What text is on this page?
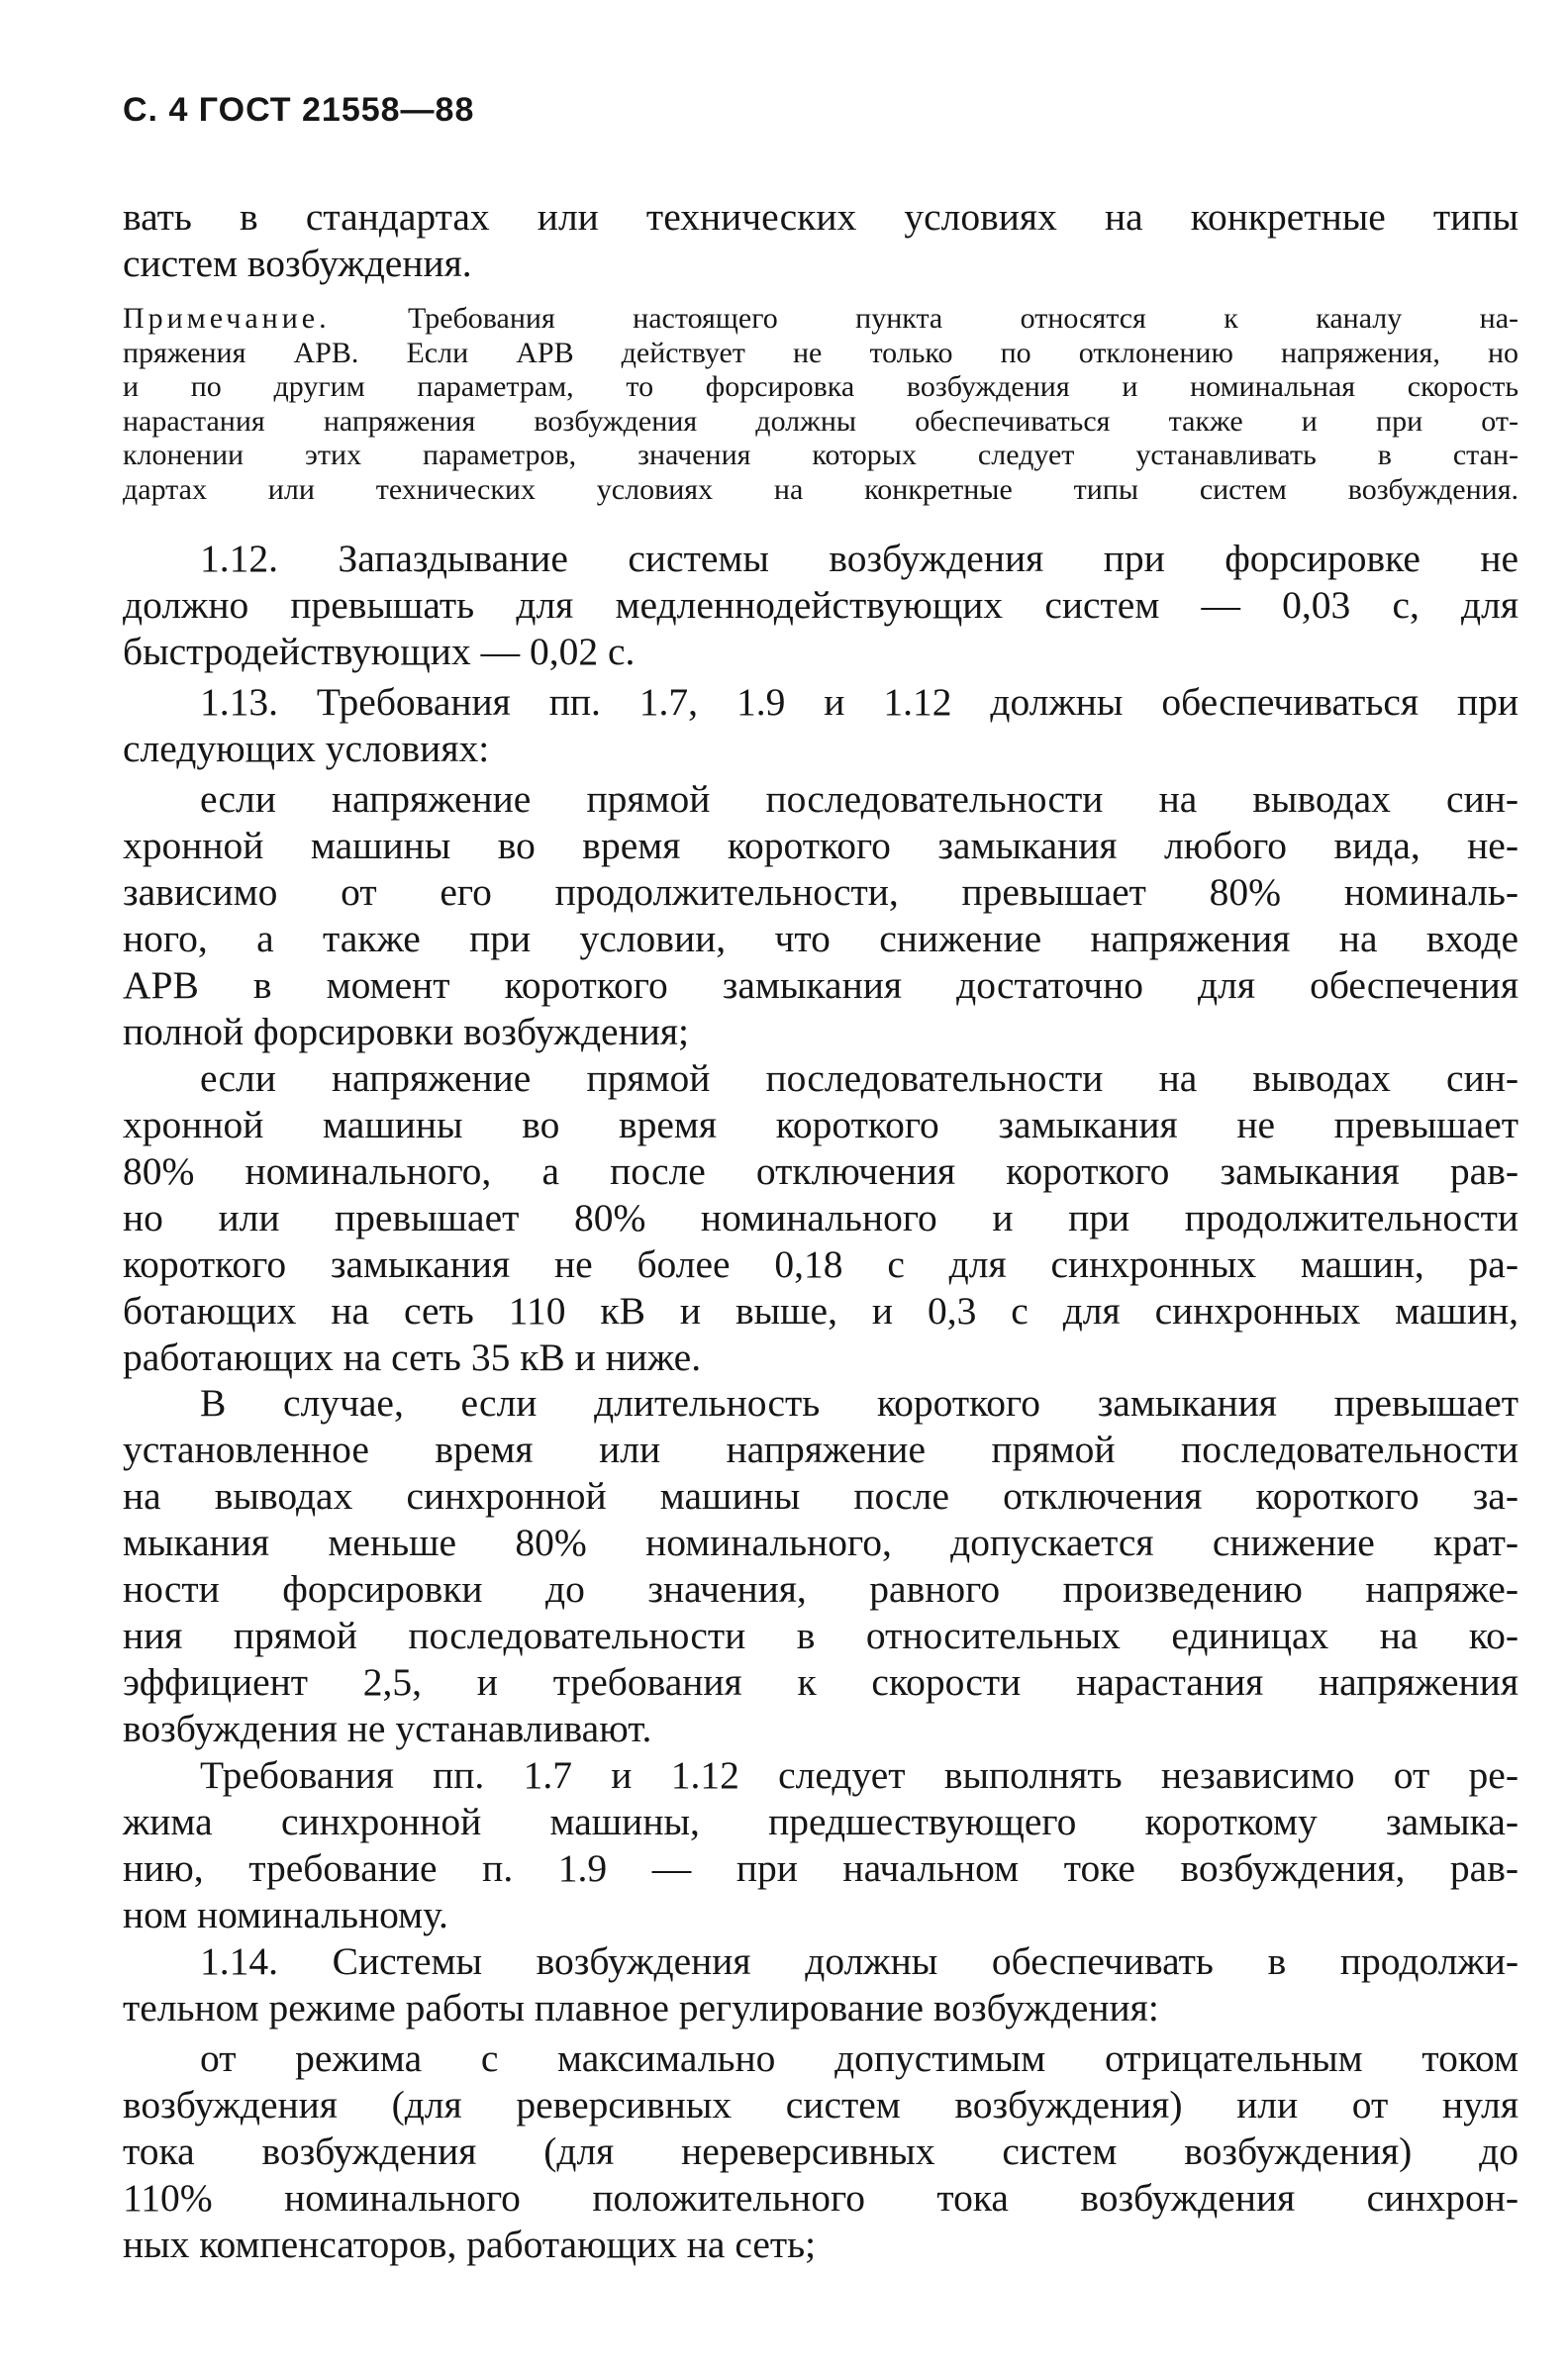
С. 4 ГОСТ 21558—88
вать в стандартах или технических условиях на конкретные типы
систем возбуждения.
Примечание.	Требования настоящего пункта относятся к каналу на-
пряжения АРВ. Если АРВ действует не только по отклонению напряжения, но
и по другим параметрам, то форсировка возбуждения и номинальная скорость
нарастания напряжения возбуждения должны обеспечиваться также и при от-
клонении этих параметров, значения которых следует устанавливать в стан-
дартах или технических условиях на конкретные типы систем возбуждения.
1.12. Запаздывание системы возбуждения при форсировке не
должно превышать для медленнодействующих систем — 0,03 с, для
быстродействующих — 0,02 с.
1.13. Требования пп. 1.7, 1.9 и 1.12 должны обеспечиваться при
следующих условиях:
если напряжение прямой последовательности на выводах син-
хронной машины во время короткого замыкания любого вида, не-
зависимо от его продолжительности, превышает 80% номиналь-
ного, а также при условии, что снижение напряжения на входе
АРВ в момент короткого замыкания достаточно для обеспечения
полной форсировки возбуждения;
если напряжение прямой последовательности на выводах син-
хронной машины во время короткого замыкания не превышает
80% номинального, а после отключения короткого замыкания рав-
но или превышает 80% номинального и при продолжительности
короткого замыкания не более 0,18 с для синхронных машин, ра-
ботающих на сеть 110 кВ и выше, и 0,3 с для синхронных машин,
работающих на сеть 35 кВ и ниже.
В случае, если длительность короткого замыкания превышает
установленное время или напряжение прямой последовательности
на выводах синхронной машины после отключения короткого за-
мыкания меньше 80% номинального, допускается снижение крат-
ности форсировки до значения, равного произведению напряже-
ния прямой последовательности в относительных единицах на ко-
эффициент 2,5, и требования к скорости нарастания напряжения
возбуждения не устанавливают.
Требования пп. 1.7 и 1.12 следует выполнять независимо от ре-
жима синхронной машины, предшествующего короткому замыка-
нию, требование п. 1.9 — при начальном токе возбуждения, рав-
ном номинальному.
1.14. Системы возбуждения должны обеспечивать в продолжи-
тельном режиме работы плавное регулирование возбуждения:
от режима с максимально допустимым отрицательным током
возбуждения (для реверсивных систем возбуждения) или от нуля
тока возбуждения (для нереверсивных систем возбуждения) до
110% номинального положительного тока возбуждения синхрон-
ных компенсаторов, работающих на сеть;
